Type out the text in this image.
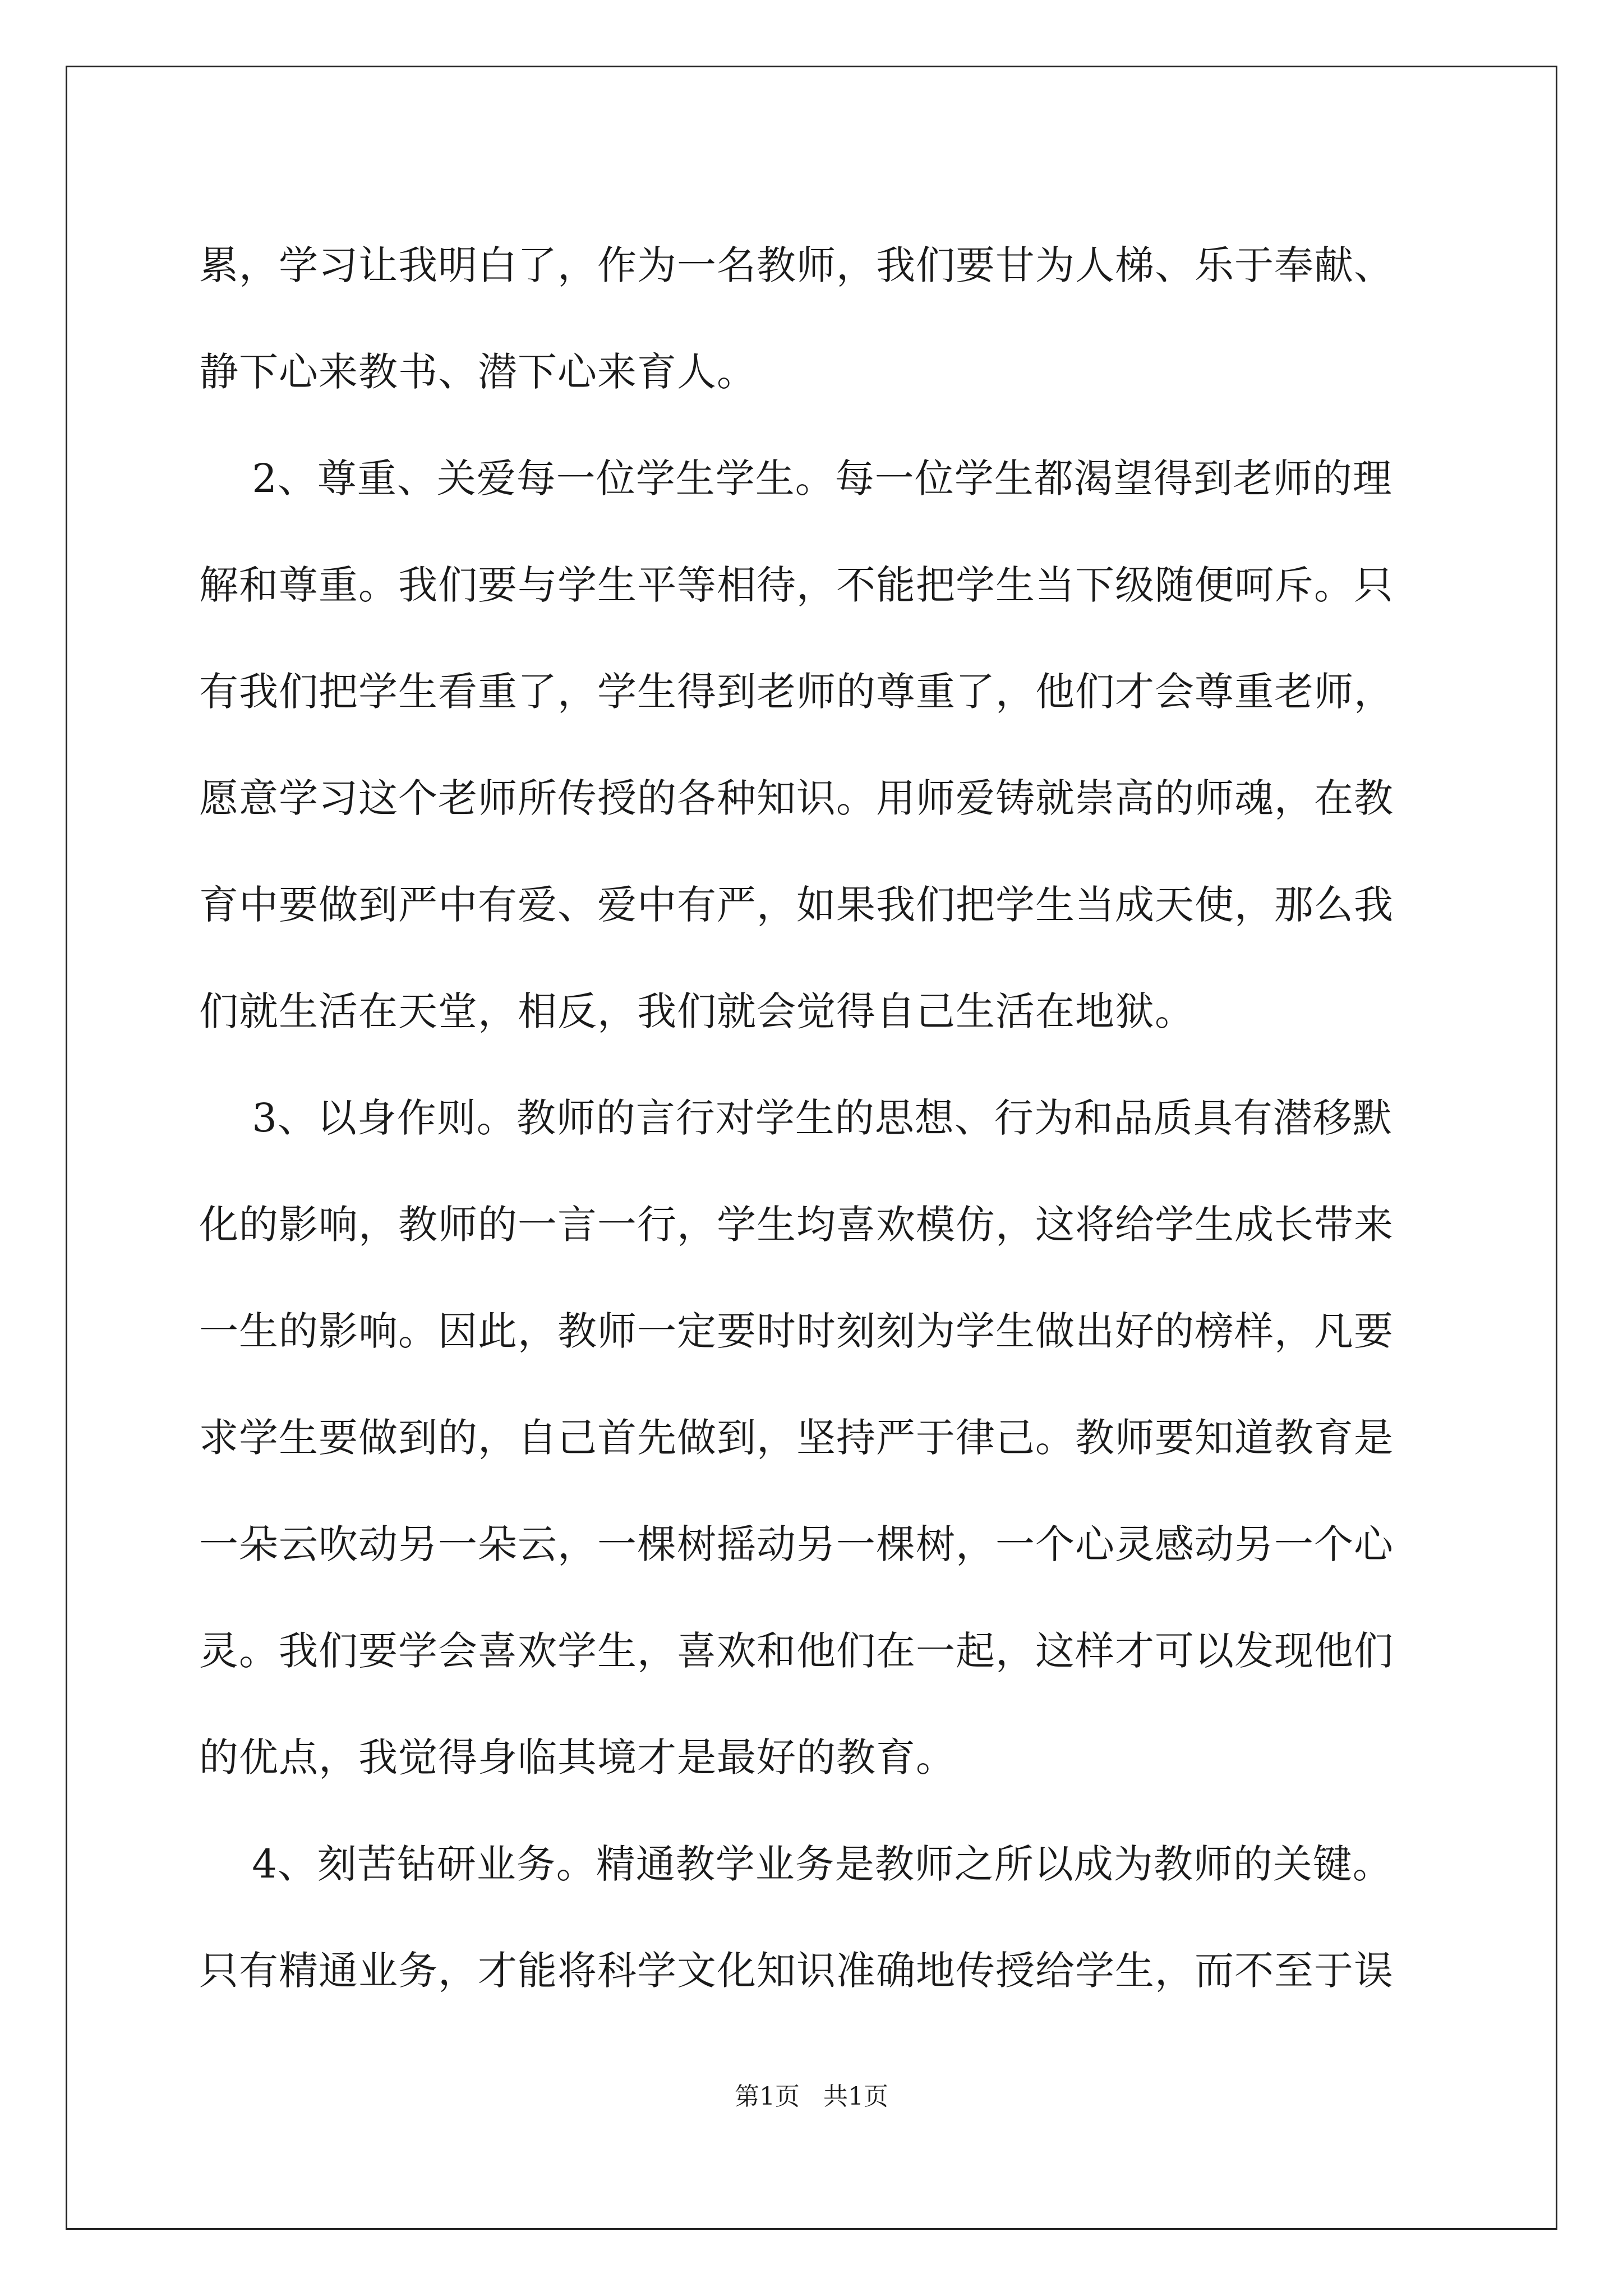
累，学习让我明白了，作为一名教师，我们要甘为人梯、乐于奉献、
静下心来教书、潜下心来育人。
　 2、尊重、关爱每一位学生学生。每一位学生都渴望得到老师的理
解和尊重。我们要与学生平等相待，不能把学生当下级随便呵斥。只
有我们把学生看重了，学生得到老师的尊重了，他们才会尊重老师，
愿意学习这个老师所传授的各种知识。用师爱铸就崇高的师魂，在教
育中要做到严中有爱、爱中有严，如果我们把学生当成天使，那么我
们就生活在天堂，相反，我们就会觉得自己生活在地狱。
　 3、以身作则。教师的言行对学生的思想、行为和品质具有潜移默
化的影响，教师的一言一行，学生均喜欢模仿，这将给学生成长带来
一生的影响。因此，教师一定要时时刻刻为学生做出好的榜样，凡要
求学生要做到的，自己首先做到，坚持严于律己。教师要知道教育是
一朵云吹动另一朵云，一棵树摇动另一棵树，一个心灵感动另一个心
灵。我们要学会喜欢学生，喜欢和他们在一起，这样才可以发现他们
的优点，我觉得身临其境才是最好的教育。
　 4、刻苦钻研业务。精通教学业务是教师之所以成为教师的关键。
只有精通业务，才能将科学文化知识准确地传授给学生，而不至于误
第1页   共1页
